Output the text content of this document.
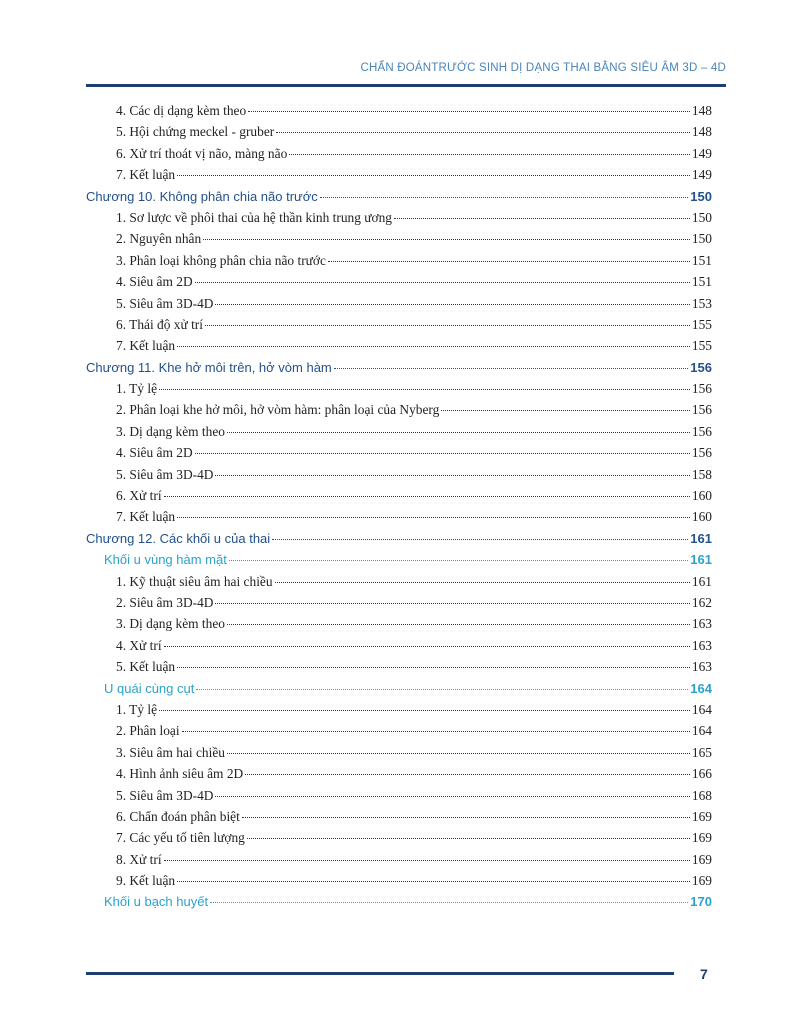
CHẨN ĐOÁNTRƯỚC SINH DỊ DẠNG THAI BẰNG SIÊU ÂM 3D – 4D
4. Các dị dạng kèm theo	148
5. Hội chứng meckel - gruber	148
6. Xử trí thoát vị não, màng não	149
7. Kết luận	149
Chương 10. Không phân chia não trước	150
1. Sơ lược về phôi thai của hệ thần kinh trung ương	150
2. Nguyên nhân	150
3. Phân loại không phân chia não trước	151
4. Siêu âm 2D	151
5. Siêu âm 3D-4D	153
6. Thái độ xử trí	155
7. Kết luận	155
Chương 11. Khe hở môi trên, hở vòm hàm	156
1. Tỷ lệ	156
2. Phân loại khe hở môi, hở vòm hàm: phân loại của Nyberg	156
3. Dị dạng kèm theo	156
4. Siêu âm 2D	156
5. Siêu âm 3D-4D	158
6. Xử trí	160
7. Kết luận	160
Chương 12. Các khối u của thai	161
Khối u vùng hàm mặt	161
1. Kỹ thuật siêu âm hai chiều	161
2. Siêu âm 3D-4D	162
3. Dị dạng kèm theo	163
4. Xử trí	163
5. Kết luận	163
U quái cùng cụt	164
1. Tỷ lệ	164
2. Phân loại	164
3. Siêu âm hai chiều	165
4. Hình ảnh siêu âm 2D	166
5. Siêu âm 3D-4D	168
6. Chẩn đoán phân biệt	169
7. Các yếu tố tiên lượng	169
8. Xử trí	169
9. Kết luận	169
Khối u bạch huyết	170
7
